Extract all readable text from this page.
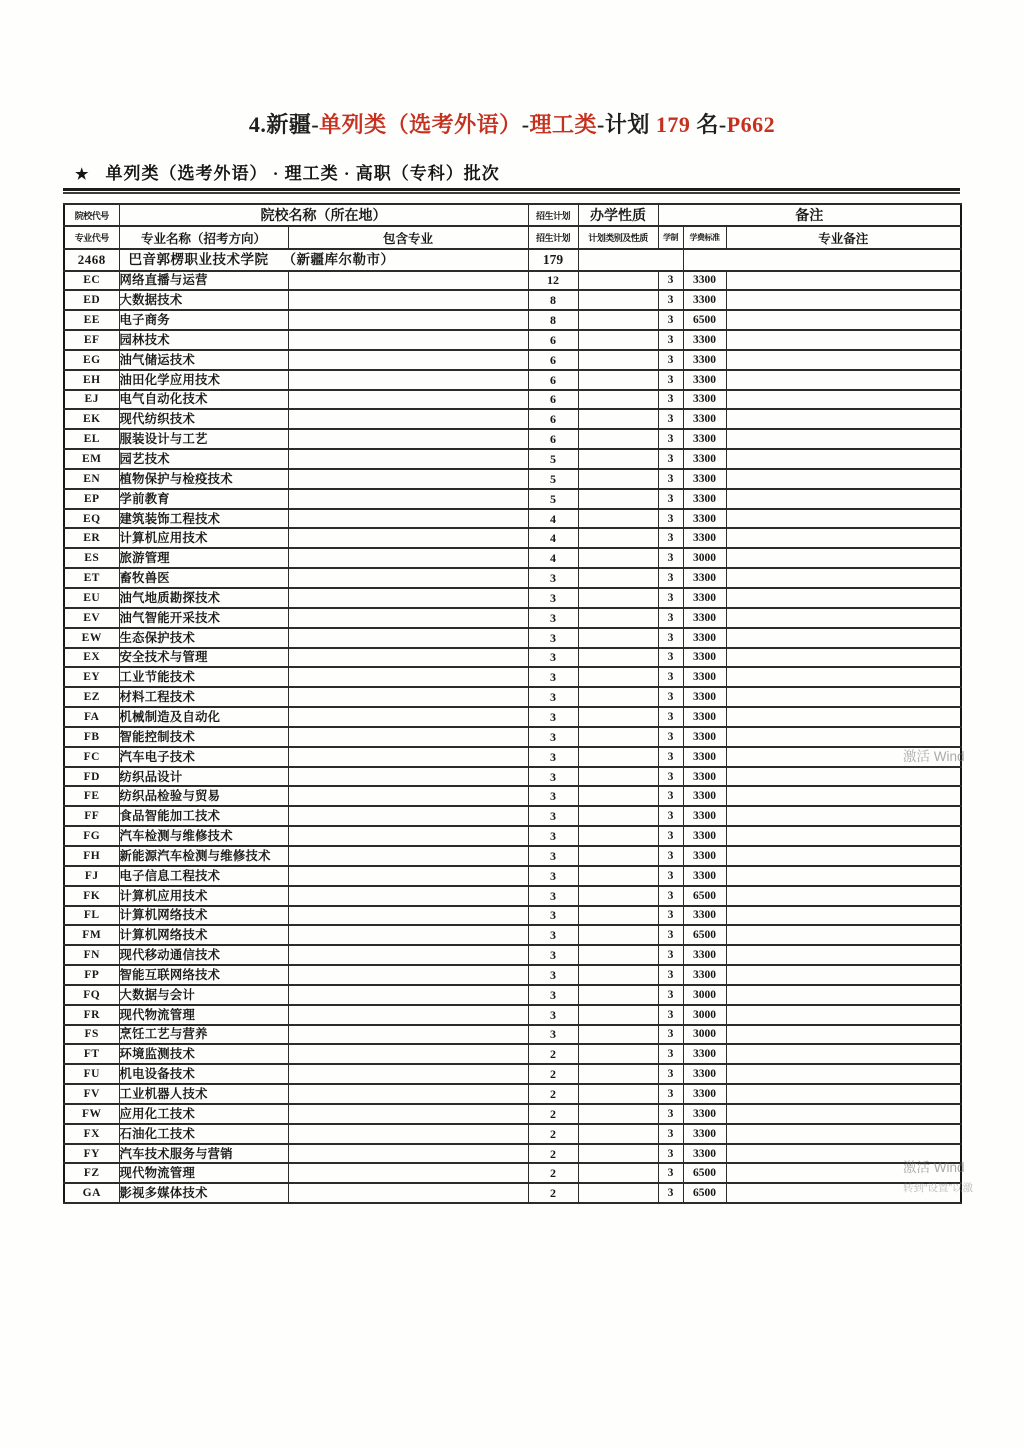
4.新疆-单列类（选考外语）-理工类-计划 179 名-P662
★ 单列类（选考外语） · 理工类 · 高职（专科）批次
院校代号	院校名称（所在地）		招生计划	办学性质	备注		
专业代号	专业名称（招考方向）	包含专业	招生计划	计划类别及性质	学制	学费标准	专业备注
2468	巴音郭楞职业技术学院 （新疆库尔勒市）		179				
EC	网络直播与运营		12		3	3300	
ED	大数据技术		8		3	3300	
EE	电子商务		8		3	6500	
EF	园林技术		6		3	3300	
EG	油气储运技术		6		3	3300	
EH	油田化学应用技术		6		3	3300	
EJ	电气自动化技术		6		3	3300	
EK	现代纺织技术		6		3	3300	
EL	服装设计与工艺		6		3	3300	
EM	园艺技术		5		3	3300	
EN	植物保护与检疫技术		5		3	3300	
EP	学前教育		5		3	3300	
EQ	建筑装饰工程技术		4		3	3300	
ER	计算机应用技术		4		3	3300	
ES	旅游管理		4		3	3000	
ET	畜牧兽医		3		3	3300	
EU	油气地质勘探技术		3		3	3300	
EV	油气智能开采技术		3		3	3300	
EW	生态保护技术		3		3	3300	
EX	安全技术与管理		3		3	3300	
EY	工业节能技术		3		3	3300	
EZ	材料工程技术		3		3	3300	
FA	机械制造及自动化		3		3	3300	
FB	智能控制技术		3		3	3300	
FC	汽车电子技术		3		3	3300	
FD	纺织品设计		3		3	3300	
FE	纺织品检验与贸易		3		3	3300	
FF	食品智能加工技术		3		3	3300	
FG	汽车检测与维修技术		3		3	3300	
FH	新能源汽车检测与维修技术		3		3	3300	
FJ	电子信息工程技术		3		3	3300	
FK	计算机应用技术		3		3	6500	
FL	计算机网络技术		3		3	3300	
FM	计算机网络技术		3		3	6500	
FN	现代移动通信技术		3		3	3300	
FP	智能互联网络技术		3		3	3300	
FQ	大数据与会计		3		3	3000	
FR	现代物流管理		3		3	3000	
FS	烹饪工艺与营养		3		3	3000	
FT	环境监测技术		2		3	3300	
FU	机电设备技术		2		3	3300	
FV	工业机器人技术		2		3	3300	
FW	应用化工技术		2		3	3300	
FX	石油化工技术		2		3	3300	
FY	汽车技术服务与营销		2		3	3300	
FZ	现代物流管理		2		3	6500	
GA	影视多媒体技术		2		3	6500	
激活 Wind
激活 Wind
转到“设置”以激
